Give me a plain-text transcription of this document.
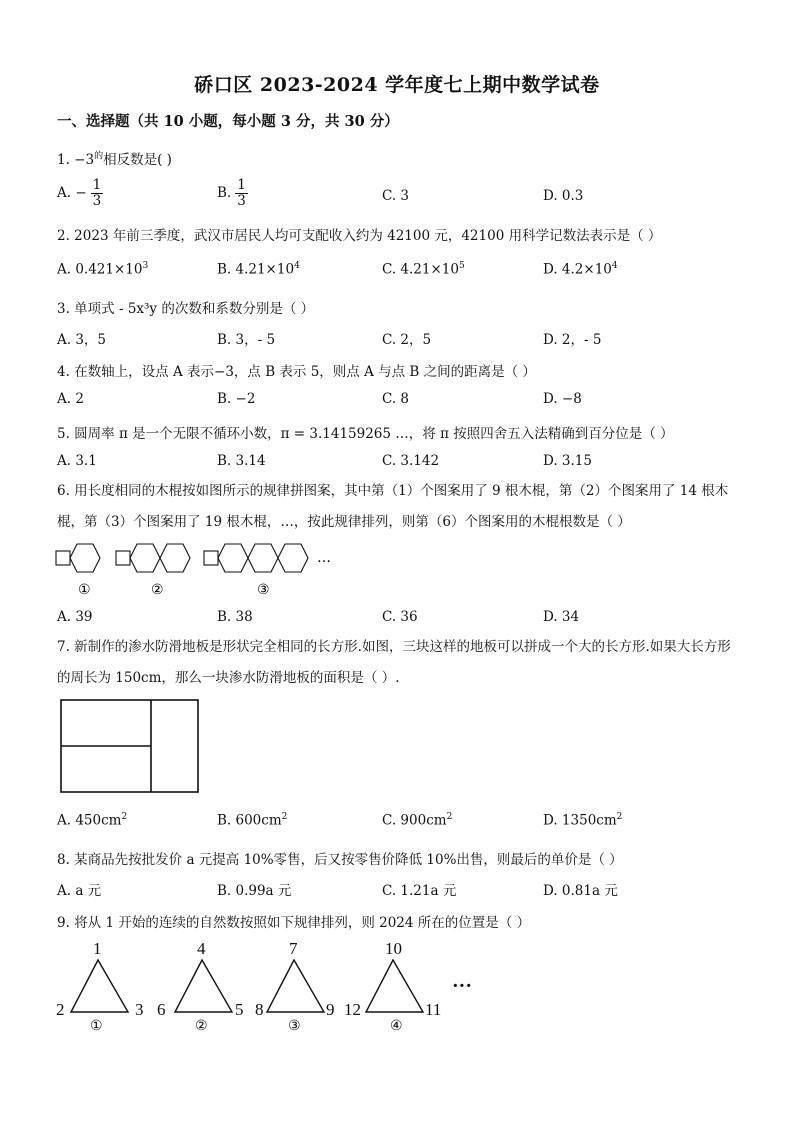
硚口区 2023-2024 学年度七上期中数学试卷
一、选择题（共 10 小题，每小题 3 分，共 30 分）
1. $-3^的$相反数是( )
A. − $\frac{1}{3}$	B. $\frac{1}{3}$	C. 3	D. 0.3
2. 2023 年前三季度，武汉市居民人均可支配收入约为 42100 元，42100 用科学记数法表示是（ ）
A. $0.421\times 10^3$	B. $4.21\times 10^4$	C. $4.21\times 10^5$	D. $4.2\times 10^4$
3. 单项式 - 5x³y 的次数和系数分别是（ ）
A. 3，5	B. 3，- 5	C. 2，5	D. 2，- 5
4. 在数轴上，设点 A 表示−3，点 B 表示 5，则点 A 与点 B 之间的距离是（ ）
A. 2	B. −2	C. 8	D. −8
5. 圆周率 π 是一个无限不循环小数，π = 3.14159265 …，将 π 按照四舍五入法精确到百分位是（ ）
A. 3.1	B. 3.14	C. 3.142	D. 3.15
6. 用长度相同的木棍按如图所示的规律拼图案，其中第（1）个图案用了 9 根木棍，第（2）个图案用了 14 根木棍，第（3）个图案用了 19 根木棍，…，按此规律排列，则第（6）个图案用的木棍根数是（ ）
①	②	③
…
A. 39	B. 38	C. 36	D. 34
7. 新制作的渗水防滑地板是形状完全相同的长方形.如图，三块这样的地板可以拼成一个大的长方形.如果大长方形的周长为 150cm，那么一块渗水防滑地板的面积是（ ）.
A. $450cm^2$	B. $600cm^2$	C. $900cm^2$	D. $1350cm^2$
8. 某商品先按批发价 a 元提高 10%零售，后又按零售价降低 10%出售，则最后的单价是（ ）
A. a 元	B. 0.99a 元	C. 1.21a 元	D. 0.81a 元
9. 将从 1 开始的连续的自然数按照如下规律排列，则 2024 所在的位置是（ ）
1
2	3
①
4
6	5
②
7
8	9
③
10
12	11
④
···
